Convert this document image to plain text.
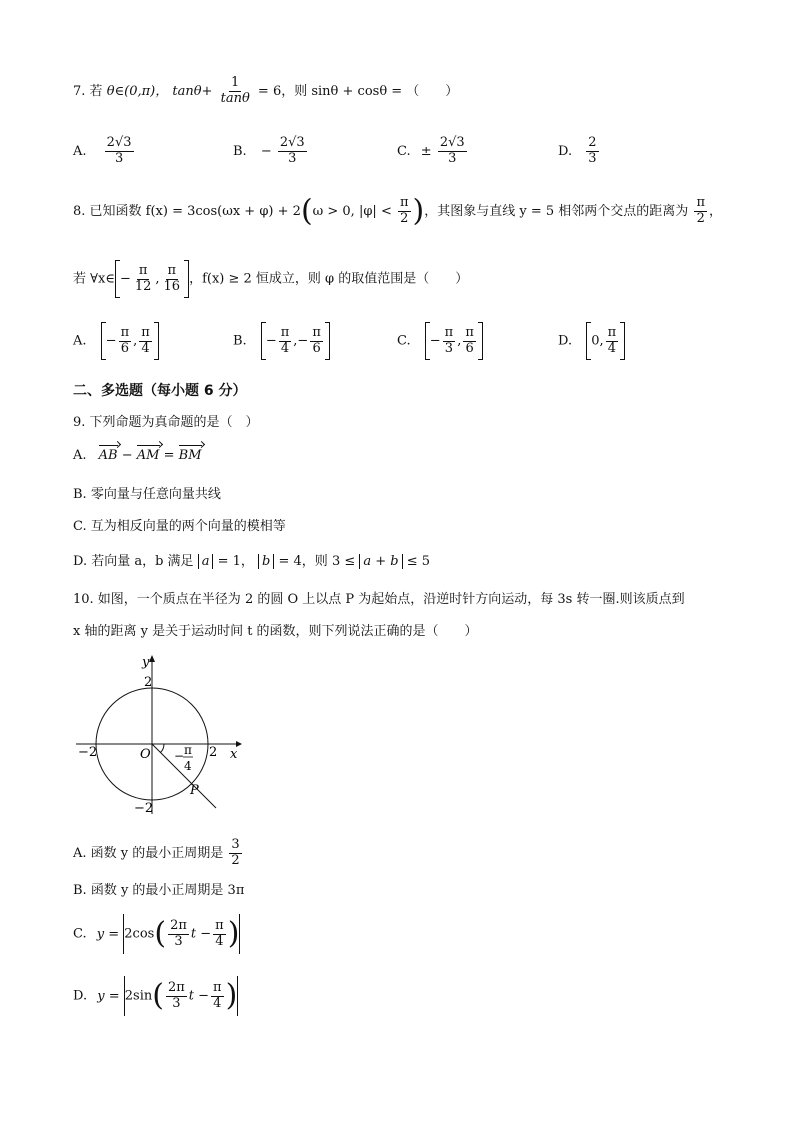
7. 若 θ∈(0,π)， $\tan\theta+ \frac{1}{\tan\theta} = 6$，则 sinθ + cosθ = （　　）
A. $\frac{2√3}{3}$	B. − $\frac{2√3}{3}$	C. ± $\frac{2√3}{3}$	D. $\frac{2}{3}$
8. 已知函数 f(x) = 3cos(ωx + φ) + 2(ω > 0, $|\varphi| < \frac{\pi}{2}$ )，其图象与直线 y = 5 相邻两个交点的距离为 $\frac{\pi}{2}$ ，
若 ∀x∈ − $\frac{\pi}{12}$ , $\frac{\pi}{16}$ ，f(x) ≥ 2 恒成立，则 φ 的取值范围是（　　）
A. − $\frac{\pi}{6}$ , $\frac{\pi}{4}$	B. − $\frac{\pi}{4}$ ,− $\frac{\pi}{6}$	C. − $\frac{\pi}{3}$ , $\frac{\pi}{6}$	D. 0, $\frac{\pi}{4}$
二、多选题（每小题 6 分）
9. 下列命题为真命题的是（　）
A. AB − AM = BM
B. 零向量与任意向量共线
C. 互为相反向量的两个向量的模相等
D. 若向量 a，b 满足 a = 1， b = 4，则 3 ≤ a + b ≤ 5
10. 如图，一个质点在半径为 2 的圆 O 上以点 P 为起始点，沿逆时针方向运动，每 3s 转一圈.则该质点到
x 轴的距离 y 是关于运动时间 t 的函数，则下列说法正确的是（　　）
y
x
O
P
2
2
−2
−2
− π
4
A. 函数 y 的最小正周期是 $\frac{3}{2}$
B. 函数 y 的最小正周期是 3π
C. $y = 2\cos( \frac{2\pi}{3}$ $t - \frac{\pi}{4}$ )
D. $y = 2\sin( \frac{2\pi}{3}$ $t - \frac{\pi}{4}$ )
